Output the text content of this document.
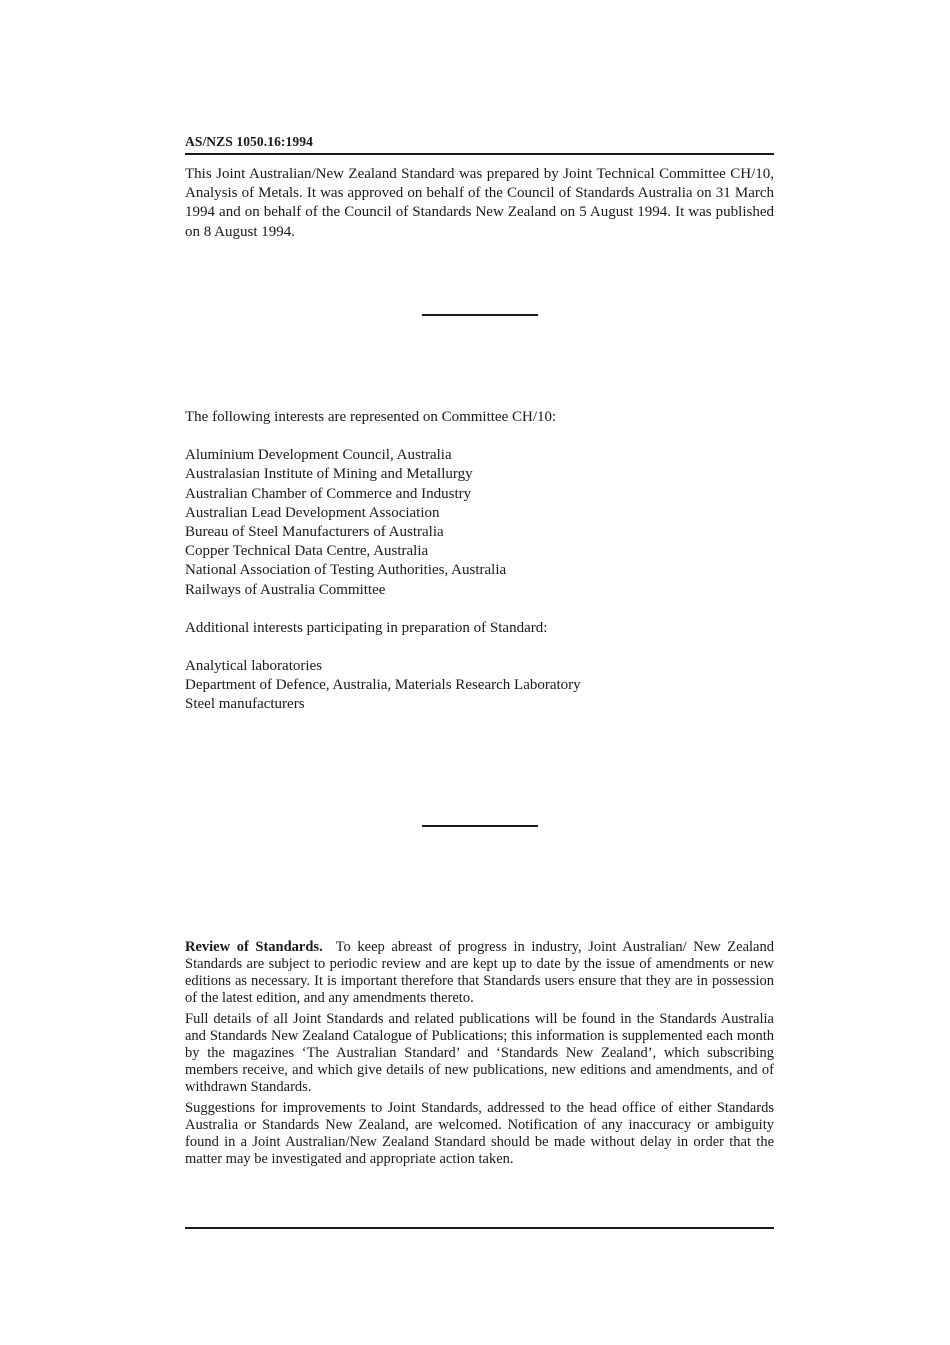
AS/NZS 1050.16:1994

This Joint Australian/New Zealand Standard was prepared by Joint Technical Committee CH/10, Analysis of Metals. It was approved on behalf of the Council of Standards Australia on 31 March 1994 and on behalf of the Council of Standards New Zealand on 5 August 1994. It was published on 8 August 1994.

The following interests are represented on Committee CH/10:

Aluminium Development Council, Australia
Australasian Institute of Mining and Metallurgy
Australian Chamber of Commerce and Industry
Australian Lead Development Association
Bureau of Steel Manufacturers of Australia
Copper Technical Data Centre, Australia
National Association of Testing Authorities, Australia
Railways of Australia Committee

Additional interests participating in preparation of Standard:

Analytical laboratories
Department of Defence, Australia, Materials Research Laboratory
Steel manufacturers

Review of Standards. To keep abreast of progress in industry, Joint Australian/ New Zealand Standards are subject to periodic review and are kept up to date by the issue of amendments or new editions as necessary. It is important therefore that Standards users ensure that they are in possession of the latest edition, and any amendments thereto.

Full details of all Joint Standards and related publications will be found in the Standards Australia and Standards New Zealand Catalogue of Publications; this information is supplemented each month by the magazines ‘The Australian Standard’ and ‘Standards New Zealand’, which subscribing members receive, and which give details of new publications, new editions and amendments, and of withdrawn Standards.

Suggestions for improvements to Joint Standards, addressed to the head office of either Standards Australia or Standards New Zealand, are welcomed. Notification of any inaccuracy or ambiguity found in a Joint Australian/New Zealand Standard should be made without delay in order that the matter may be investigated and appropriate action taken.
